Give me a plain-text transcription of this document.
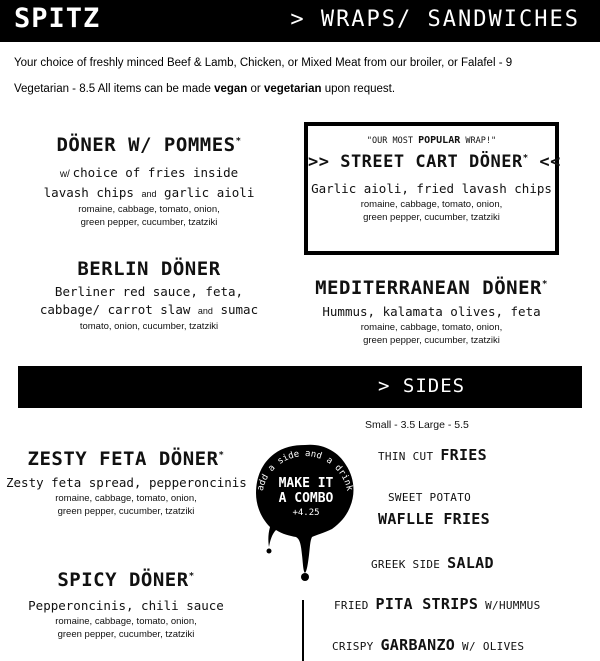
SPITZ	> WRAPS/ SANDWICHES
Your choice of freshly minced Beef & Lamb, Chicken, or Mixed Meat from our broiler, or Falafel - 9
Vegetarian - 8.5 All items can be made vegan or vegetarian upon request.
DÖNER W/ POMMES*
w/ choice of fries inside
lavash chips and garlic aioli
romaine, cabbage, tomato, onion,
green pepper, cucumber, tzatziki
BERLIN DÖNER
Berliner red sauce, feta,
cabbage/ carrot slaw and sumac
tomato, onion, cucumber, tzatziki
"OUR MOST POPULAR WRAP!"
>> STREET CART DÖNER* <<
Garlic aioli, fried lavash chips
romaine, cabbage, tomato, onion,
green pepper, cucumber, tzatziki
MEDITERRANEAN DÖNER*
Hummus, kalamata olives, feta
romaine, cabbage, tomato, onion,
green pepper, cucumber, tzatziki
> SIDES
Small - 3.5 Large - 5.5
ZESTY FETA DÖNER*
Zesty feta spread, pepperoncinis
romaine, cabbage, tomato, onion,
green pepper, cucumber, tzatziki
SPICY DÖNER*
Pepperoncinis, chili sauce
romaine, cabbage, tomato, onion,
green pepper, cucumber, tzatziki
add a side and a drink
MAKE IT
A COMBO
+4.25
THIN CUT FRIES
SWEET POTATO
WAFLLE FRIES
GREEK SIDE SALAD
FRIED PITA STRIPS W/HUMMUS
CRISPY GARBANZO W/ OLIVES
